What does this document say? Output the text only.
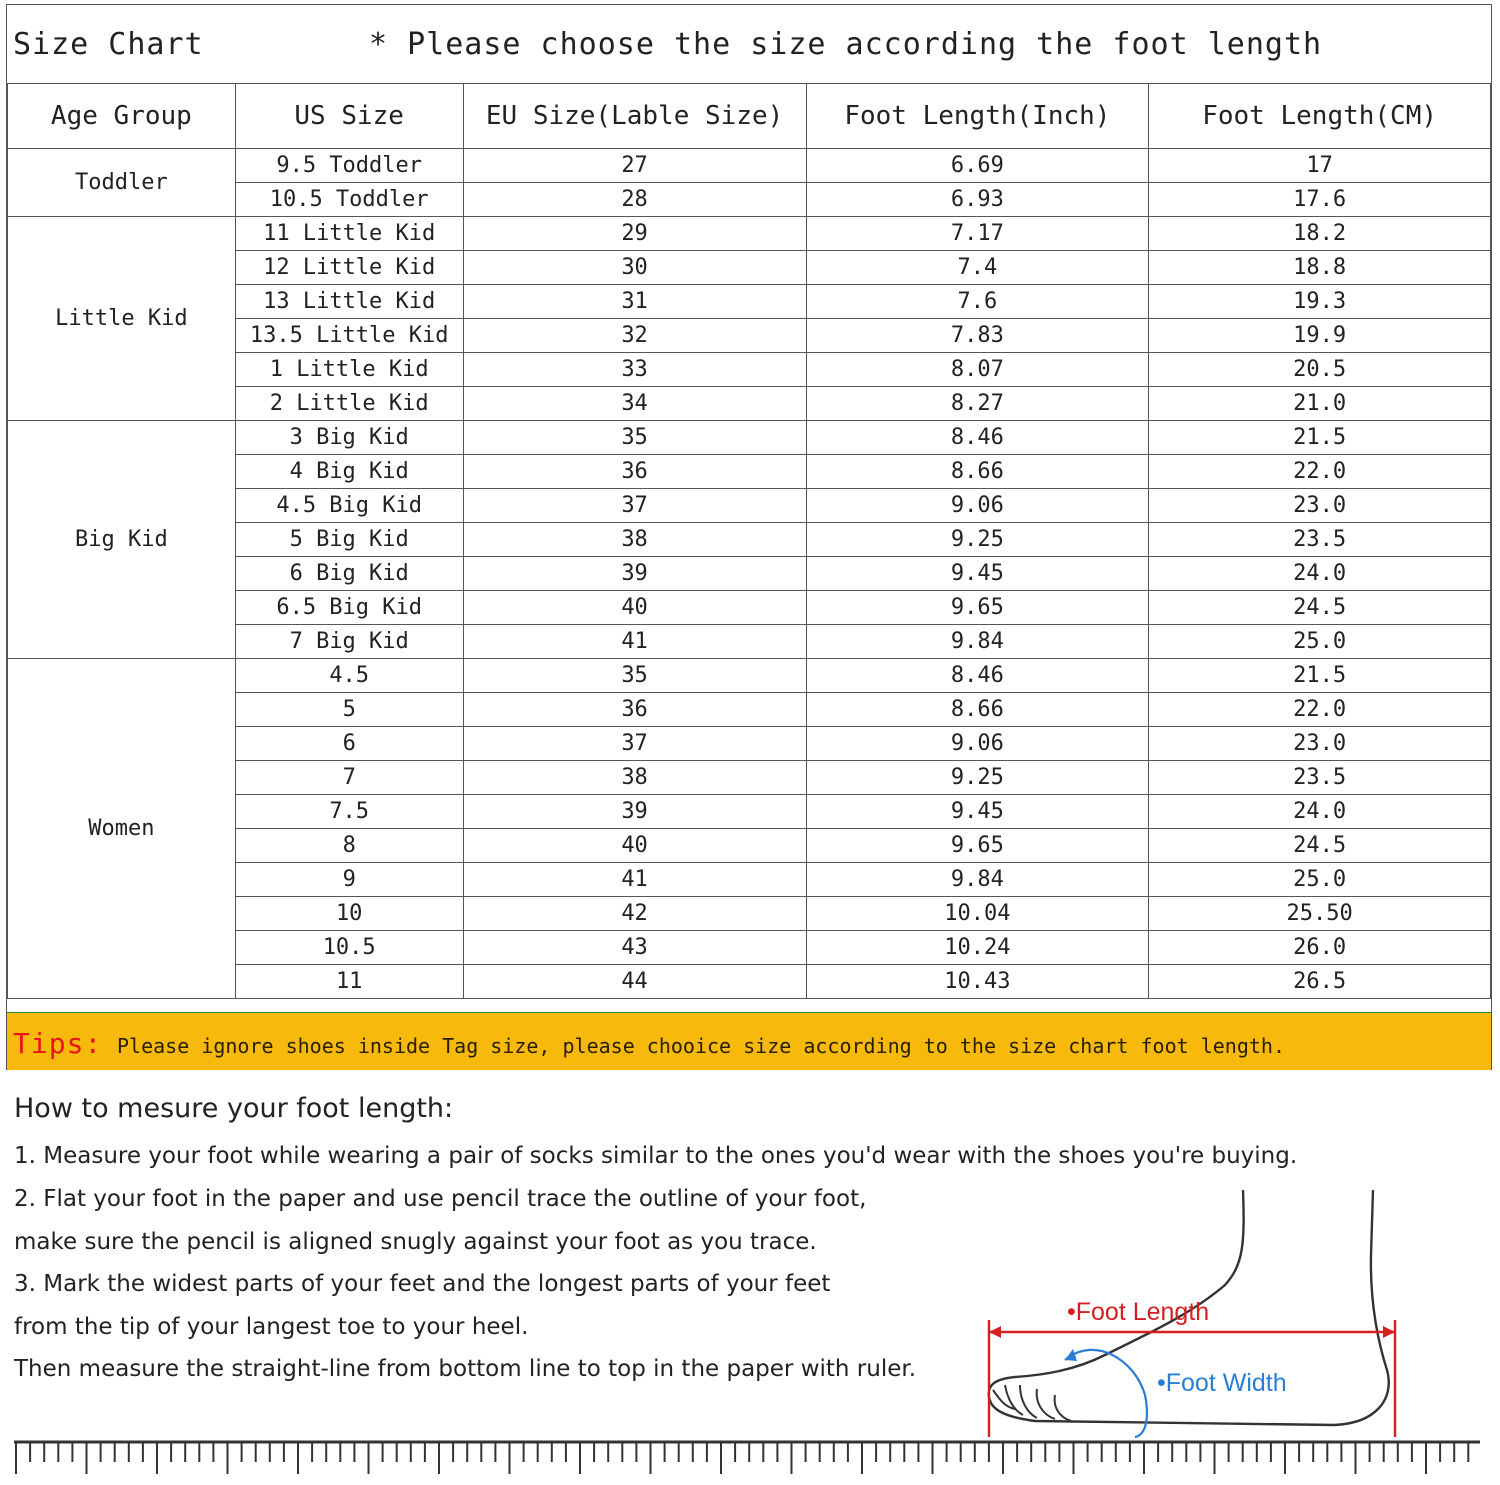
Size Chart	* Please choose the size according the foot length
Age Group	US Size	EU Size(Lable Size)	Foot Length(Inch)	Foot Length(CM)
Toddler	9.5 Toddler	27	6.69	17
	10.5 Toddler	28	6.93	17.6
Little Kid	11 Little Kid	29	7.17	18.2
	12 Little Kid	30	7.4	18.8
	13 Little Kid	31	7.6	19.3
	13.5 Little Kid	32	7.83	19.9
	1 Little Kid	33	8.07	20.5
	2 Little Kid	34	8.27	21.0
Big Kid	3 Big Kid	35	8.46	21.5
	4 Big Kid	36	8.66	22.0
	4.5 Big Kid	37	9.06	23.0
	5 Big Kid	38	9.25	23.5
	6 Big Kid	39	9.45	24.0
	6.5 Big Kid	40	9.65	24.5
	7 Big Kid	41	9.84	25.0
Women	4.5	35	8.46	21.5
	5	36	8.66	22.0
	6	37	9.06	23.0
	7	38	9.25	23.5
	7.5	39	9.45	24.0
	8	40	9.65	24.5
	9	41	9.84	25.0
	10	42	10.04	25.50
	10.5	43	10.24	26.0
	11	44	10.43	26.5
Tips: Please ignore shoes inside Tag size, please chooice size according to the size chart foot length.
How to mesure your foot length:
1. Measure your foot while wearing a pair of socks similar to the ones you'd wear with the shoes you're buying.
2. Flat your foot in the paper and use pencil trace the outline of your foot,
make sure the pencil is aligned snugly against your foot as you trace.
3. Mark the widest parts of your feet and the longest parts of your feet
from the tip of your langest toe to your heel.
Then measure the straight-line from bottom line to top in the paper with ruler.
•Foot Length
•Foot Width
